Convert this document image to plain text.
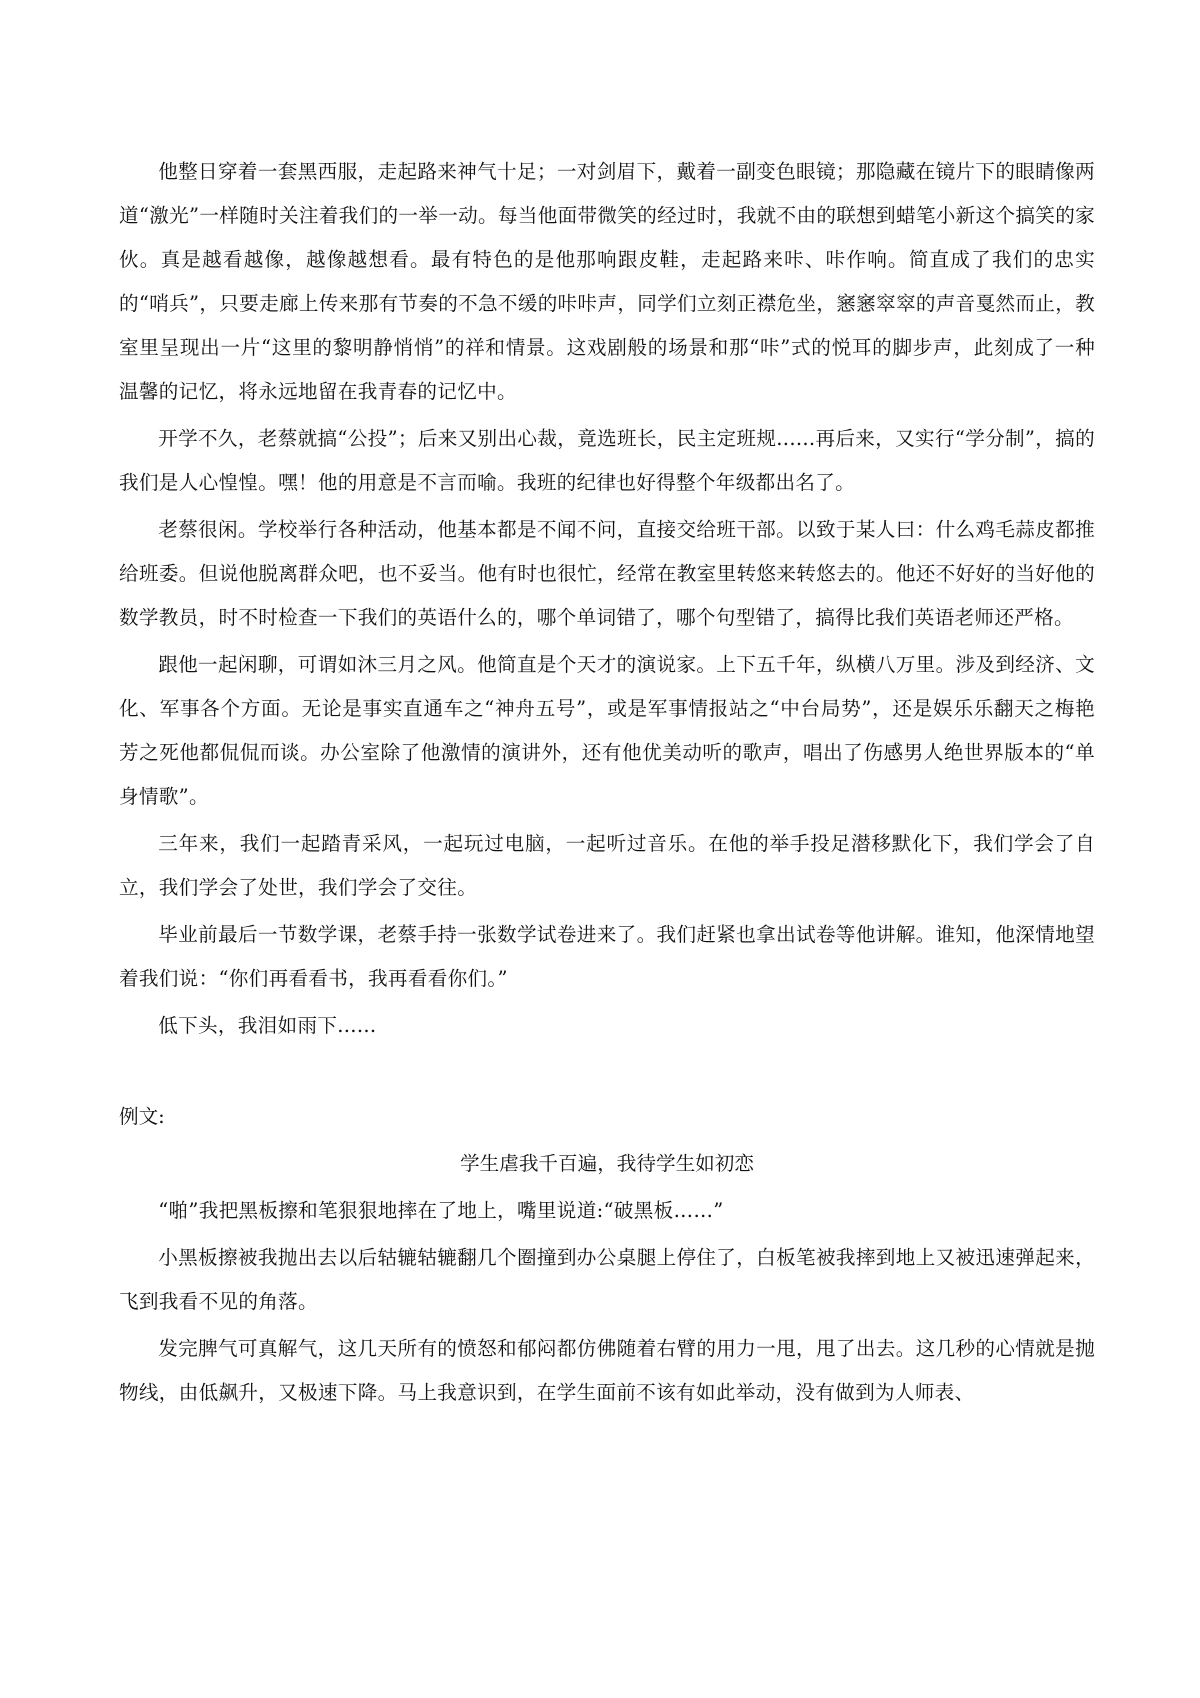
他整日穿着一套黑西服，走起路来神气十足；一对剑眉下，戴着一副变色眼镜；那隐藏在镜片下的眼睛像两道“激光”一样随时关注着我们的一举一动。每当他面带微笑的经过时，我就不由的联想到蜡笔小新这个搞笑的家伙。真是越看越像，越像越想看。最有特色的是他那响跟皮鞋，走起路来咔、咔作响。简直成了我们的忠实的“哨兵”，只要走廊上传来那有节奏的不急不缓的咔咔声，同学们立刻正襟危坐，窸窸窣窣的声音戛然而止，教室里呈现出一片“这里的黎明静悄悄”的祥和情景。这戏剧般的场景和那“咔”式的悦耳的脚步声，此刻成了一种温馨的记忆，将永远地留在我青春的记忆中。

开学不久，老蔡就搞“公投”；后来又别出心裁，竟选班长，民主定班规......再后来，又实行“学分制”，搞的我们是人心惶惶。嘿！他的用意是不言而喻。我班的纪律也好得整个年级都出名了。

老蔡很闲。学校举行各种活动，他基本都是不闻不问，直接交给班干部。以致于某人曰：什么鸡毛蒜皮都推给班委。但说他脱离群众吧，也不妥当。他有时也很忙，经常在教室里转悠来转悠去的。他还不好好的当好他的数学教员，时不时检查一下我们的英语什么的，哪个单词错了，哪个句型错了，搞得比我们英语老师还严格。

跟他一起闲聊，可谓如沐三月之风。他简直是个天才的演说家。上下五千年，纵横八万里。涉及到经济、文化、军事各个方面。无论是事实直通车之“神舟五号”，或是军事情报站之“中台局势”，还是娱乐乐翻天之梅艳芳之死他都侃侃而谈。办公室除了他激情的演讲外，还有他优美动听的歌声，唱出了伤感男人绝世界版本的“单身情歌”。

三年来，我们一起踏青采风，一起玩过电脑，一起听过音乐。在他的举手投足潜移默化下，我们学会了自立，我们学会了处世，我们学会了交往。

毕业前最后一节数学课，老蔡手持一张数学试卷进来了。我们赶紧也拿出试卷等他讲解。谁知，他深情地望着我们说：“你们再看看书，我再看看你们。”

低下头，我泪如雨下......

例文:

学生虐我千百遍，我待学生如初恋

“啪”我把黑板擦和笔狠狠地摔在了地上，嘴里说道:“破黑板……”

小黑板擦被我抛出去以后轱辘轱辘翻几个圈撞到办公桌腿上停住了，白板笔被我摔到地上又被迅速弹起来，飞到我看不见的角落。

发完脾气可真解气，这几天所有的愤怒和郁闷都仿佛随着右臂的用力一甩，甩了出去。这几秒的心情就是抛物线，由低飙升，又极速下降。马上我意识到，在学生面前不该有如此举动，没有做到为人师表、
